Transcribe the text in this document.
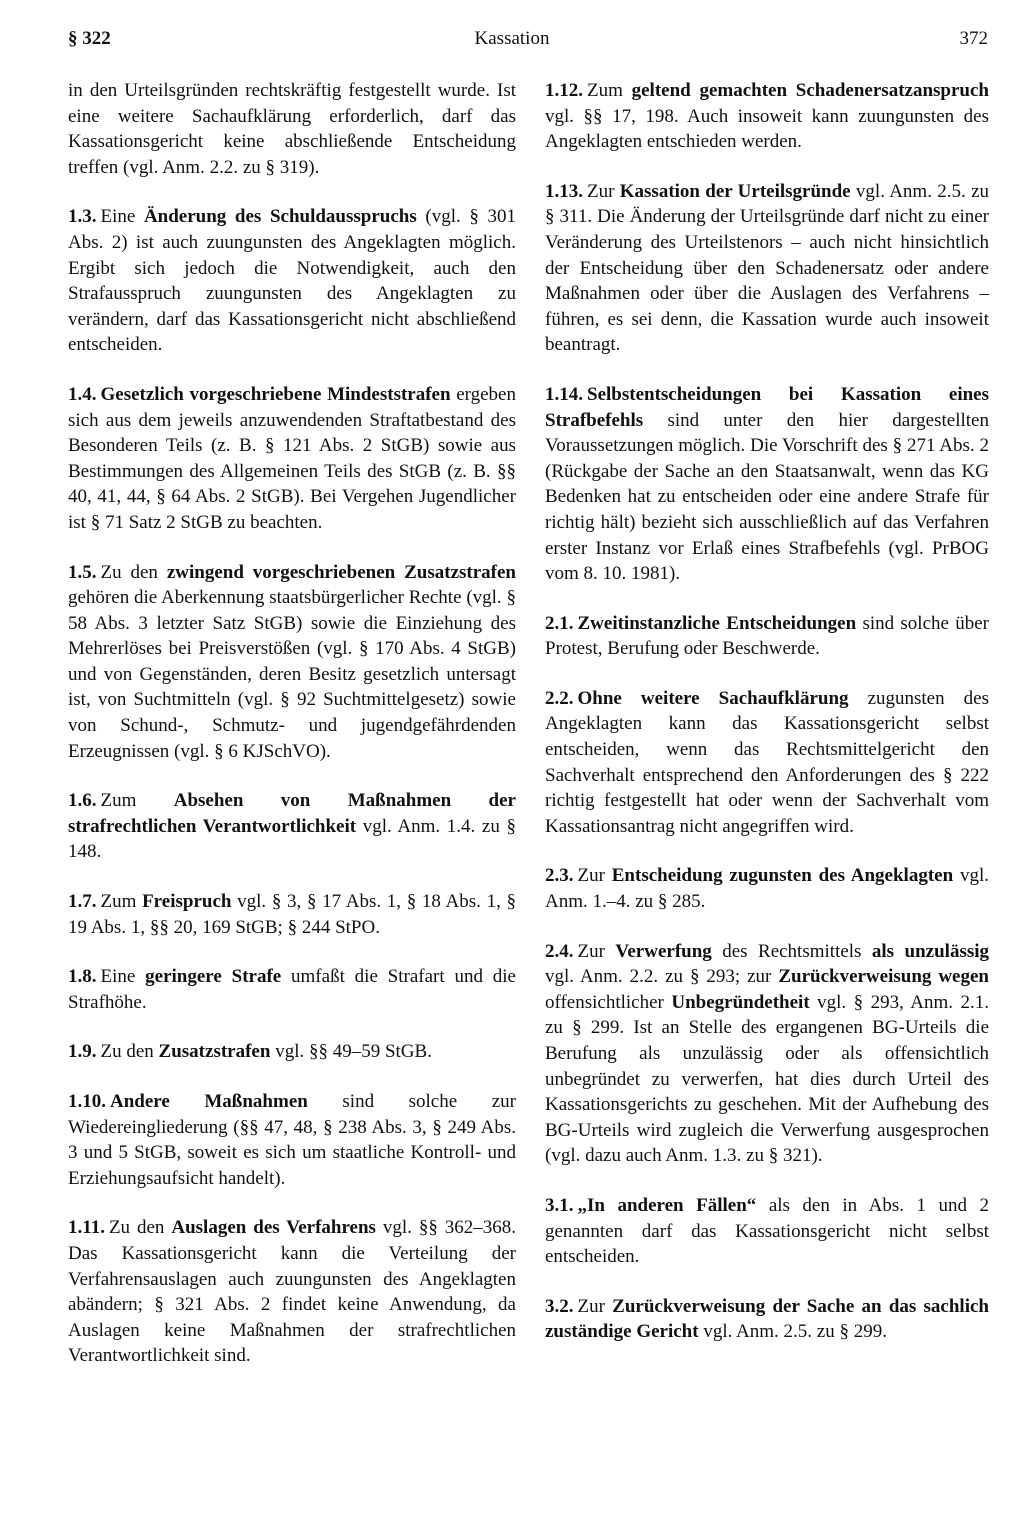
§ 322	Kassation	372

in den Urteilsgründen rechtskräftig festgestellt wurde. Ist eine weitere Sachaufklärung erforderlich, darf das Kassationsgericht keine abschließende Entscheidung treffen (vgl. Anm. 2.2. zu § 319).

1.3. Eine Änderung des Schuldausspruchs (vgl. § 301 Abs. 2) ist auch zuungunsten des Angeklagten möglich. Ergibt sich jedoch die Notwendigkeit, auch den Strafausspruch zuungunsten des Angeklagten zu verändern, darf das Kassationsgericht nicht abschließend entscheiden.

1.4. Gesetzlich vorgeschriebene Mindeststrafen ergeben sich aus dem jeweils anzuwendenden Straftatbestand des Besonderen Teils (z. B. § 121 Abs. 2 StGB) sowie aus Bestimmungen des Allgemeinen Teils des StGB (z. B. §§ 40, 41, 44, § 64 Abs. 2 StGB). Bei Vergehen Jugendlicher ist § 71 Satz 2 StGB zu beachten.

1.5. Zu den zwingend vorgeschriebenen Zusatzstrafen gehören die Aberkennung staatsbürgerlicher Rechte (vgl. § 58 Abs. 3 letzter Satz StGB) sowie die Einziehung des Mehrerlöses bei Preisverstößen (vgl. § 170 Abs. 4 StGB) und von Gegenständen, deren Besitz gesetzlich untersagt ist, von Suchtmitteln (vgl. § 92 Suchtmittelgesetz) sowie von Schund-, Schmutz- und jugendgefährdenden Erzeugnissen (vgl. § 6 KJSchVO).

1.6. Zum Absehen von Maßnahmen der strafrechtlichen Verantwortlichkeit vgl. Anm. 1.4. zu § 148.

1.7. Zum Freispruch vgl. § 3, § 17 Abs. 1, § 18 Abs. 1, § 19 Abs. 1, §§ 20, 169 StGB; § 244 StPO.

1.8. Eine geringere Strafe umfaßt die Strafart und die Strafhöhe.

1.9. Zu den Zusatzstrafen vgl. §§ 49–59 StGB.

1.10. Andere Maßnahmen sind solche zur Wiedereingliederung (§§ 47, 48, § 238 Abs. 3, § 249 Abs. 3 und 5 StGB, soweit es sich um staatliche Kontroll- und Erziehungsaufsicht handelt).

1.11. Zu den Auslagen des Verfahrens vgl. §§ 362–368. Das Kassationsgericht kann die Verteilung der Verfahrensauslagen auch zuungunsten des Angeklagten abändern; § 321 Abs. 2 findet keine Anwendung, da Auslagen keine Maßnahmen der strafrechtlichen Verantwortlichkeit sind.

1.12. Zum geltend gemachten Schadenersatzanspruch vgl. §§ 17, 198. Auch insoweit kann zuungunsten des Angeklagten entschieden werden.

1.13. Zur Kassation der Urteilsgründe vgl. Anm. 2.5. zu § 311. Die Änderung der Urteilsgründe darf nicht zu einer Veränderung des Urteilstenors – auch nicht hinsichtlich der Entscheidung über den Schadenersatz oder andere Maßnahmen oder über die Auslagen des Verfahrens – führen, es sei denn, die Kassation wurde auch insoweit beantragt.

1.14. Selbstentscheidungen bei Kassation eines Strafbefehls sind unter den hier dargestellten Voraussetzungen möglich. Die Vorschrift des § 271 Abs. 2 (Rückgabe der Sache an den Staatsanwalt, wenn das KG Bedenken hat zu entscheiden oder eine andere Strafe für richtig hält) bezieht sich ausschließlich auf das Verfahren erster Instanz vor Erlaß eines Strafbefehls (vgl. PrBOG vom 8. 10. 1981).

2.1. Zweitinstanzliche Entscheidungen sind solche über Protest, Berufung oder Beschwerde.

2.2. Ohne weitere Sachaufklärung zugunsten des Angeklagten kann das Kassationsgericht selbst entscheiden, wenn das Rechtsmittelgericht den Sachverhalt entsprechend den Anforderungen des § 222 richtig festgestellt hat oder wenn der Sachverhalt vom Kassationsantrag nicht angegriffen wird.

2.3. Zur Entscheidung zugunsten des Angeklagten vgl. Anm. 1.–4. zu § 285.

2.4. Zur Verwerfung des Rechtsmittels als unzulässig vgl. Anm. 2.2. zu § 293; zur Zurückverweisung wegen offensichtlicher Unbegründetheit vgl. § 293, Anm. 2.1. zu § 299. Ist an Stelle des ergangenen BG-Urteils die Berufung als unzulässig oder als offensichtlich unbegründet zu verwerfen, hat dies durch Urteil des Kassationsgerichts zu geschehen. Mit der Aufhebung des BG-Urteils wird zugleich die Verwerfung ausgesprochen (vgl. dazu auch Anm. 1.3. zu § 321).

3.1. „In anderen Fällen“ als den in Abs. 1 und 2 genannten darf das Kassationsgericht nicht selbst entscheiden.

3.2. Zur Zurückverweisung der Sache an das sachlich zuständige Gericht vgl. Anm. 2.5. zu § 299.
